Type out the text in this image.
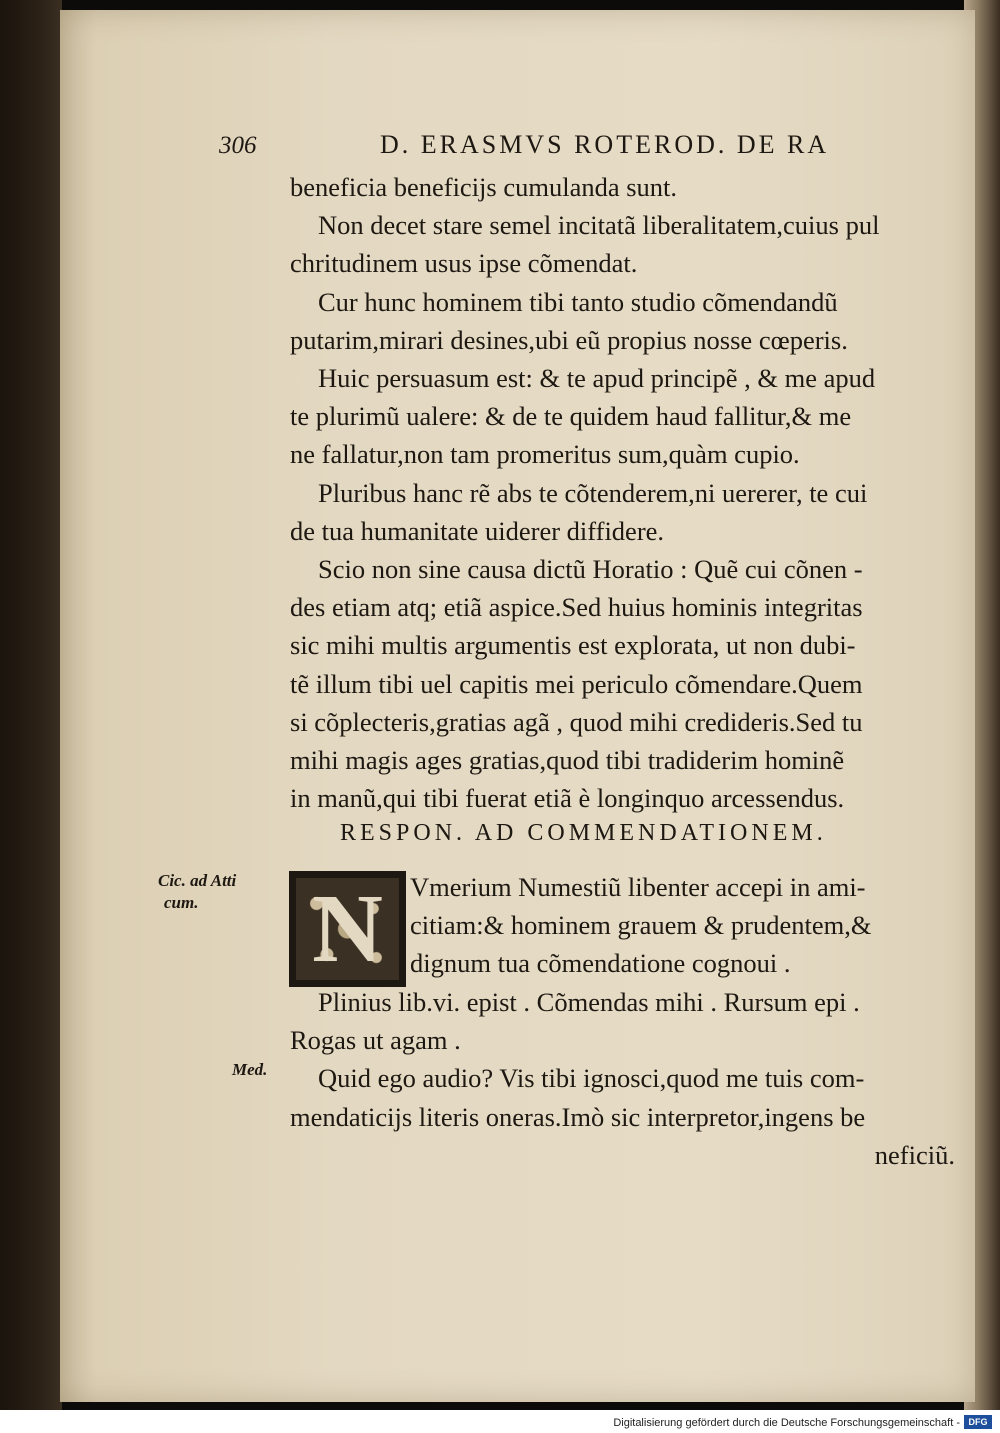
306	D. ERASMVS ROTEROD. DE RA
beneficia beneficijs cumulanda sunt.
Non decet stare semel incitatã liberalitatem,cuius pul
chritudinem usus ipse cõmendat.
Cur hunc hominem tibi tanto studio cõmendandũ
putarim,mirari desines,ubi eũ propius nosse cœperis.
Huic persuasum est: & te apud principẽ , & me apud
te plurimũ ualere: & de te quidem haud fallitur,& me
ne fallatur,non tam promeritus sum,quàm cupio.
Pluribus hanc rẽ abs te cõtenderem,ni uererer, te cui
de tua humanitate uiderer diffidere.
Scio non sine causa dictũ Horatio : Quẽ cui cõnen -
des etiam atq; etiã aspice.Sed huius hominis integritas
sic mihi multis argumentis est explorata, ut non dubi-
tẽ illum tibi uel capitis mei periculo cõmendare.Quem
si cõplecteris,gratias agã , quod mihi credideris.Sed tu
mihi magis ages gratias,quod tibi tradiderim hominẽ
in manũ,qui tibi fuerat etiã è longinquo arcessendus.
RESPON. AD COMMENDATIONEM.
Cic. ad Atti
cum.	N	Vmerium Numestiũ libenter accepi in ami-
citiam:& hominem grauem & prudentem,&
dignum tua cõmendatione cognoui .
Plinius lib.vi. epist . Cõmendas mihi . Rursum epi .
Rogas ut agam .
Quid ego audio? Vis tibi ignosci,quod me tuis com-
mendaticijs literis oneras.Imò sic interpretor,ingens be
neficiũ.
Med.
Digitalisierung gefördert durch die Deutsche Forschungsgemeinschaft - DFG
